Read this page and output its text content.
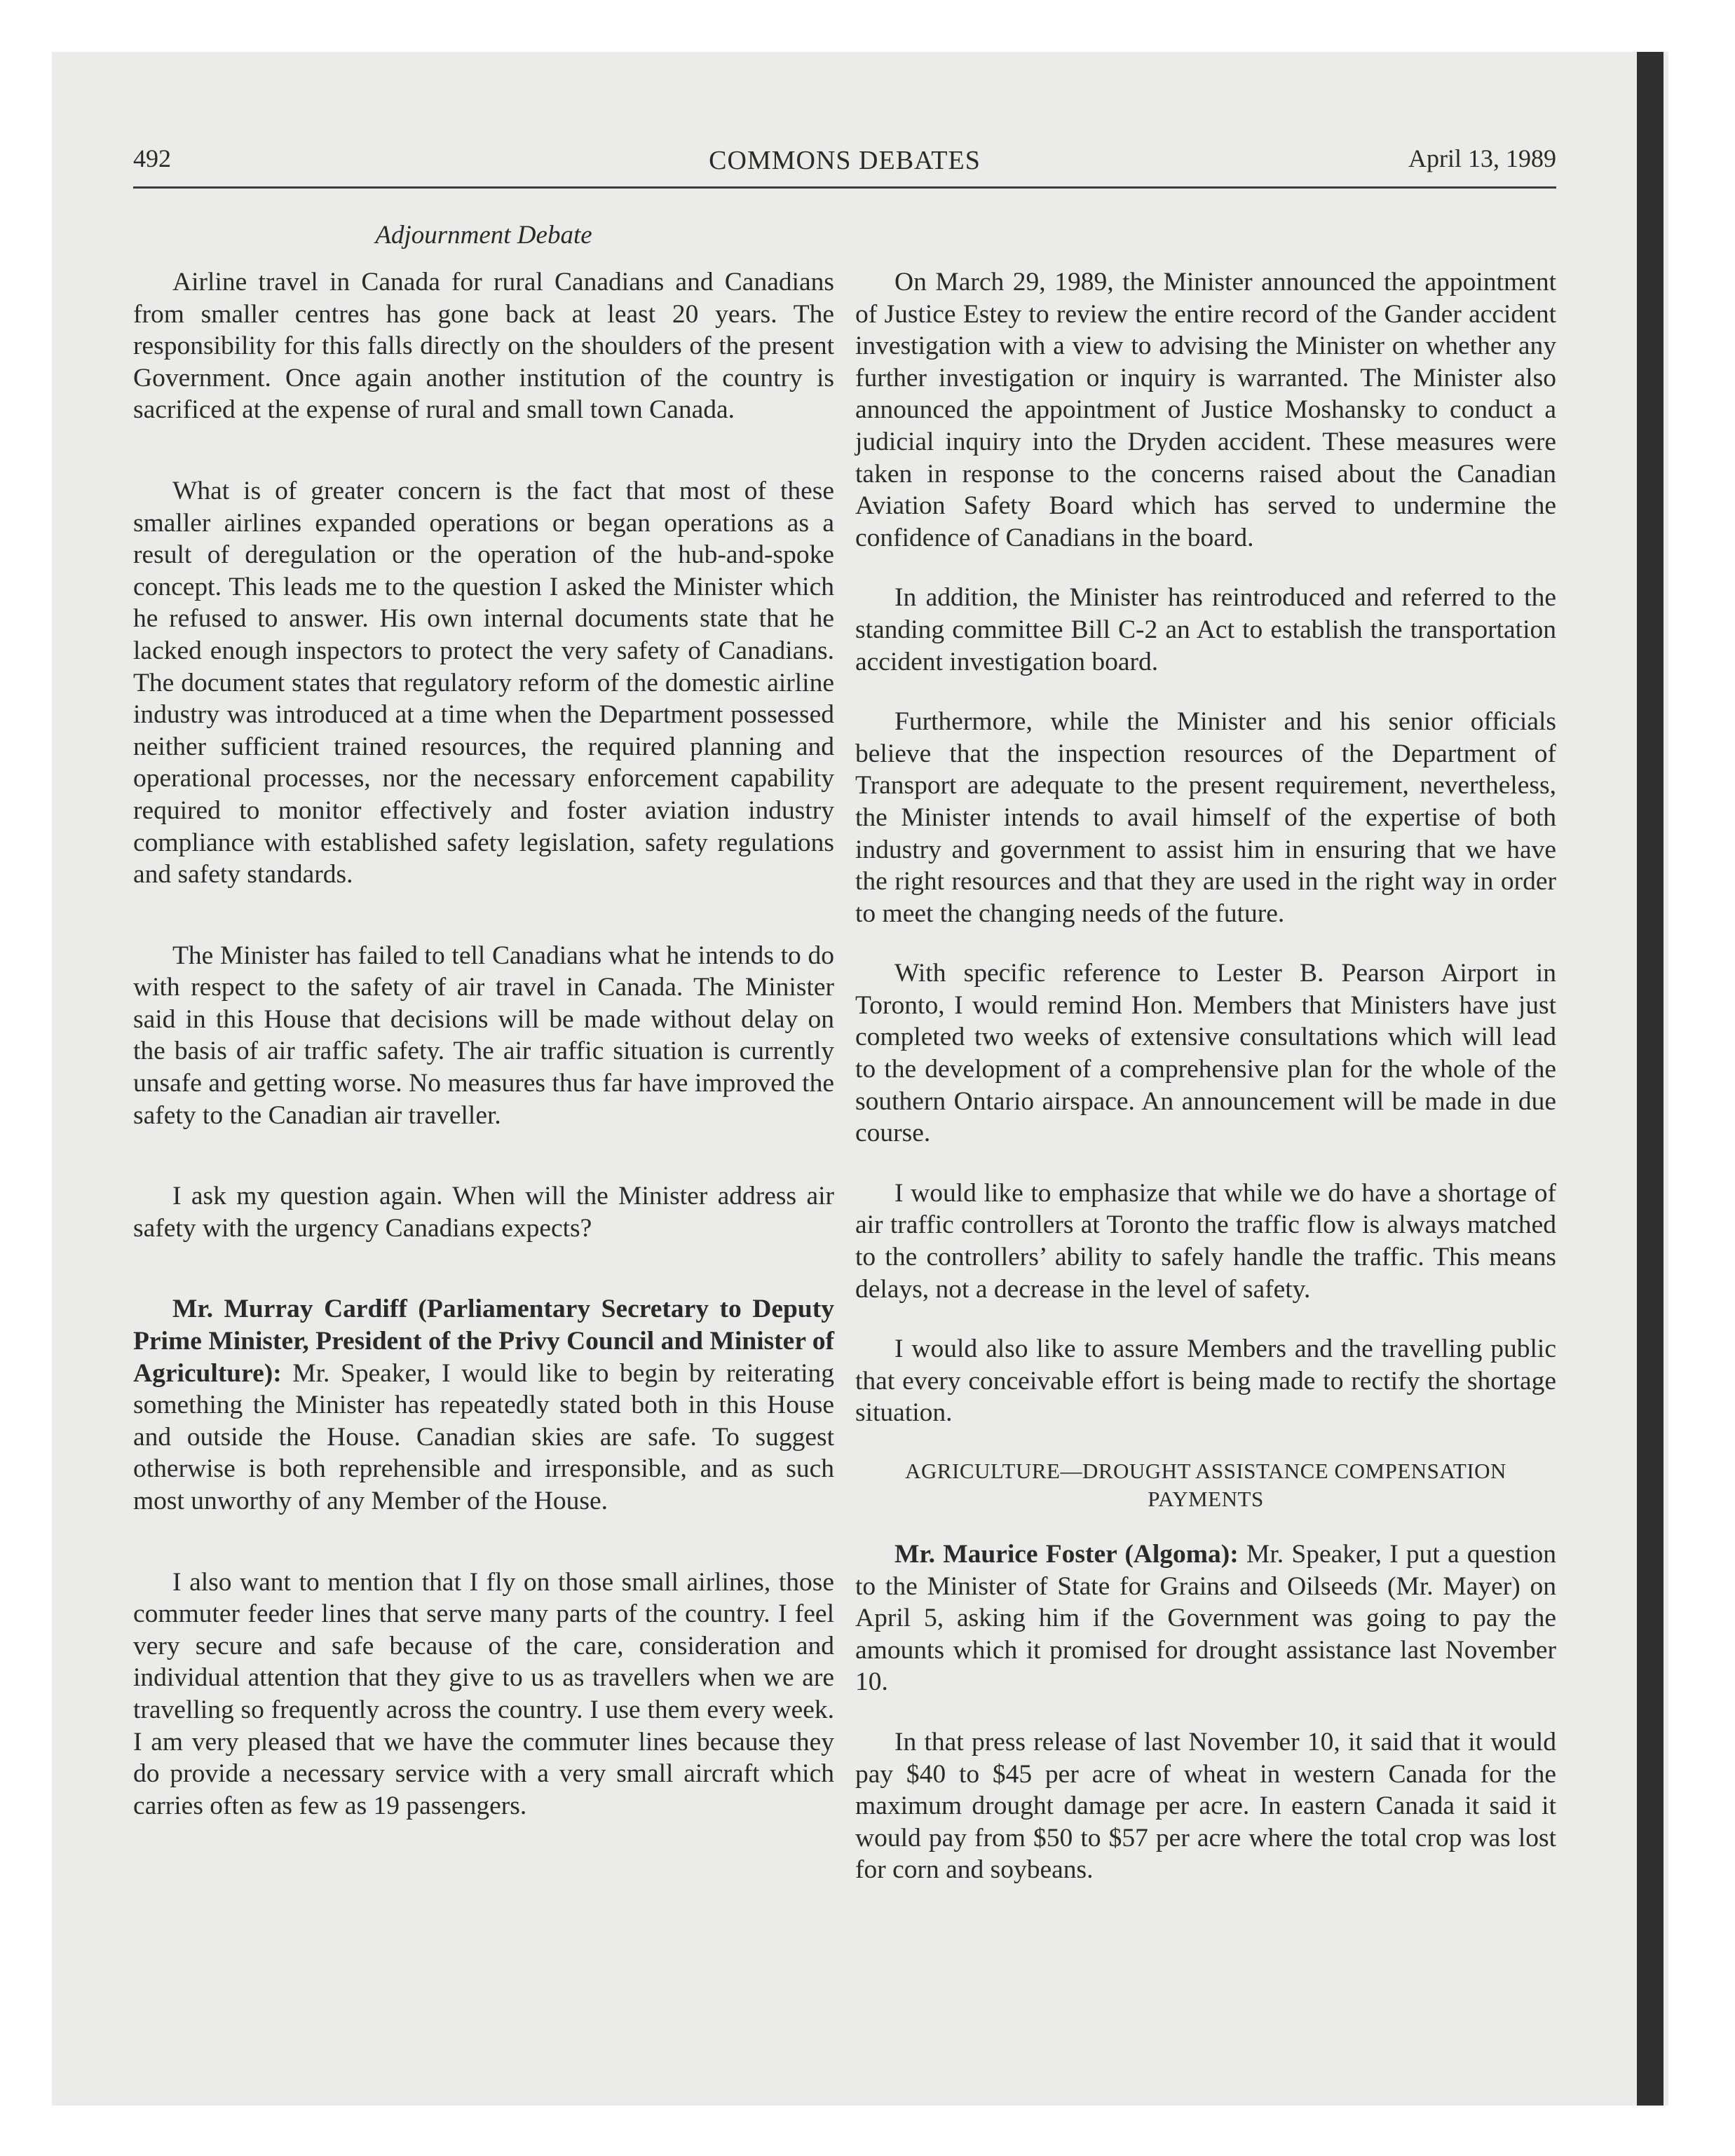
492	COMMONS DEBATES	April 13, 1989
Adjournment Debate

Airline travel in Canada for rural Canadians and Canadians from smaller centres has gone back at least 20 years. The responsibility for this falls directly on the shoulders of the present Government. Once again another institution of the country is sacrificed at the expense of rural and small town Canada.

What is of greater concern is the fact that most of these smaller airlines expanded operations or began operations as a result of deregulation or the operation of the hub-and-spoke concept. This leads me to the question I asked the Minister which he refused to answer. His own internal documents state that he lacked enough inspectors to protect the very safety of Canadians. The document states that regulatory reform of the domestic airline industry was introduced at a time when the Department possessed neither sufficient trained resources, the required planning and operational processes, nor the necessary enforcement capability required to monitor effectively and foster aviation industry compliance with established safety legislation, safety regulations and safety standards.

The Minister has failed to tell Canadians what he intends to do with respect to the safety of air travel in Canada. The Minister said in this House that decisions will be made without delay on the basis of air traffic safety. The air traffic situation is currently unsafe and getting worse. No measures thus far have improved the safety to the Canadian air traveller.

I ask my question again. When will the Minister address air safety with the urgency Canadians expects?

Mr. Murray Cardiff (Parliamentary Secretary to Deputy Prime Minister, President of the Privy Council and Minister of Agriculture): Mr. Speaker, I would like to begin by reiterating something the Minister has repeatedly stated both in this House and outside the House. Canadian skies are safe. To suggest otherwise is both reprehensible and irresponsible, and as such most unworthy of any Member of the House.

I also want to mention that I fly on those small airlines, those commuter feeder lines that serve many parts of the country. I feel very secure and safe because of the care, consideration and individual attention that they give to us as travellers when we are travelling so frequently across the country. I use them every week. I am very pleased that we have the commuter lines because they do provide a necessary service with a very small aircraft which carries often as few as 19 passengers.

On March 29, 1989, the Minister announced the appointment of Justice Estey to review the entire record of the Gander accident investigation with a view to advising the Minister on whether any further investigation or inquiry is warranted. The Minister also announced the appointment of Justice Moshansky to conduct a judicial inquiry into the Dryden accident. These measures were taken in response to the concerns raised about the Canadian Aviation Safety Board which has served to undermine the confidence of Canadians in the board.

In addition, the Minister has reintroduced and referred to the standing committee Bill C-2 an Act to establish the transportation accident investigation board.

Furthermore, while the Minister and his senior officials believe that the inspection resources of the Department of Transport are adequate to the present requirement, nevertheless, the Minister intends to avail himself of the expertise of both industry and government to assist him in ensuring that we have the right resources and that they are used in the right way in order to meet the changing needs of the future.

With specific reference to Lester B. Pearson Airport in Toronto, I would remind Hon. Members that Ministers have just completed two weeks of extensive consultations which will lead to the development of a comprehensive plan for the whole of the southern Ontario airspace. An announcement will be made in due course.

I would like to emphasize that while we do have a shortage of air traffic controllers at Toronto the traffic flow is always matched to the controllers’ ability to safely handle the traffic. This means delays, not a decrease in the level of safety.

I would also like to assure Members and the travelling public that every conceivable effort is being made to rectify the shortage situation.

AGRICULTURE—DROUGHT ASSISTANCE COMPENSATION PAYMENTS

Mr. Maurice Foster (Algoma): Mr. Speaker, I put a question to the Minister of State for Grains and Oilseeds (Mr. Mayer) on April 5, asking him if the Government was going to pay the amounts which it promised for drought assistance last November 10.

In that press release of last November 10, it said that it would pay $40 to $45 per acre of wheat in western Canada for the maximum drought damage per acre. In eastern Canada it said it would pay from $50 to $57 per acre where the total crop was lost for corn and soybeans.
